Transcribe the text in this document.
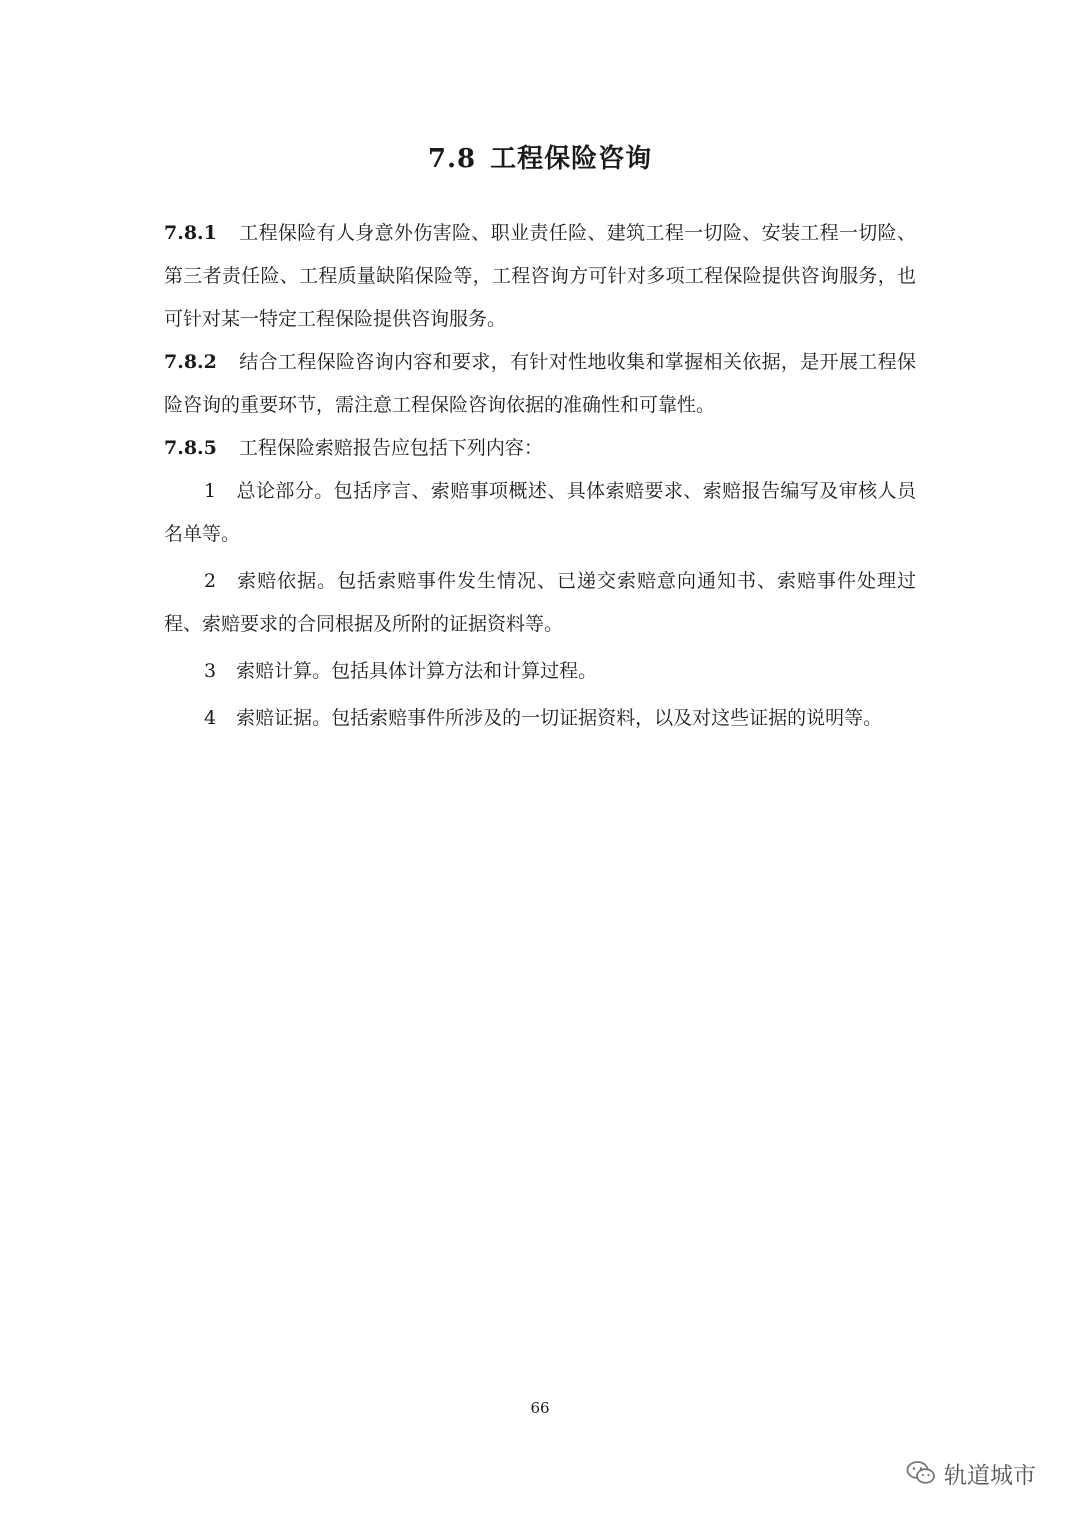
7.8 工程保险咨询

7.8.1 工程保险有人身意外伤害险、职业责任险、建筑工程一切险、安装工程一切险、第三者责任险、工程质量缺陷保险等，工程咨询方可针对多项工程保险提供咨询服务，也可针对某一特定工程保险提供咨询服务。

7.8.2 结合工程保险咨询内容和要求，有针对性地收集和掌握相关依据，是开展工程保险咨询的重要环节，需注意工程保险咨询依据的准确性和可靠性。

7.8.5 工程保险索赔报告应包括下列内容：

1 总论部分。包括序言、索赔事项概述、具体索赔要求、索赔报告编写及审核人员名单等。

2 索赔依据。包括索赔事件发生情况、已递交索赔意向通知书、索赔事件处理过程、索赔要求的合同根据及所附的证据资料等。

3 索赔计算。包括具体计算方法和计算过程。

4 索赔证据。包括索赔事件所涉及的一切证据资料，以及对这些证据的说明等。

66
轨道城市
